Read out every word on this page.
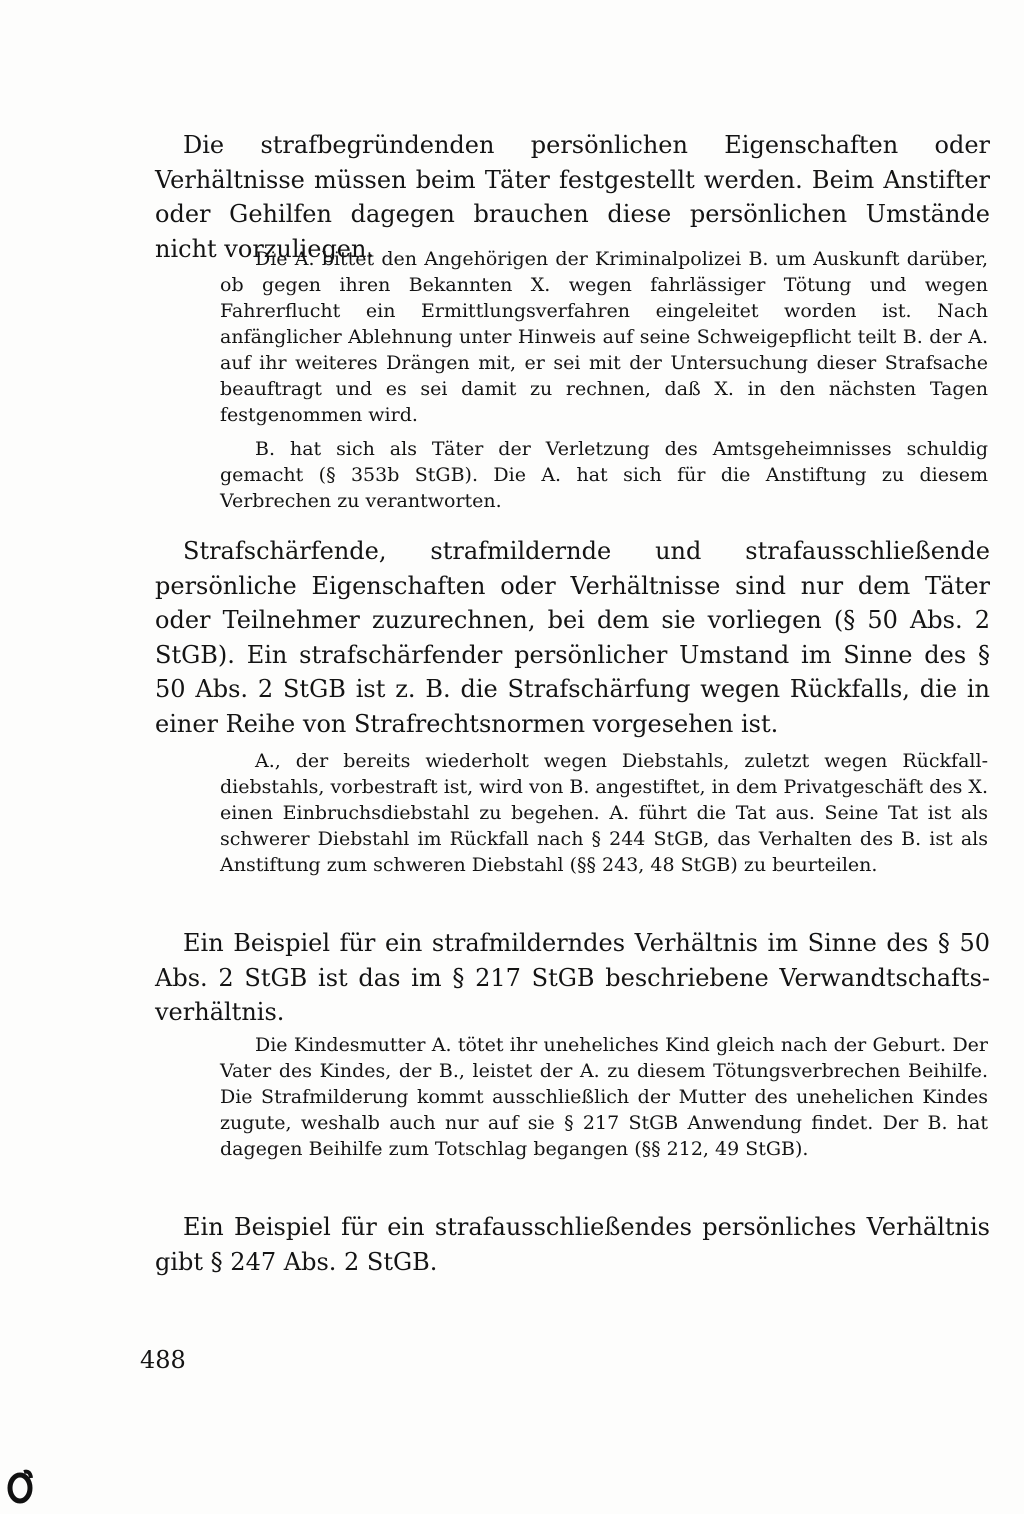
Die strafbegründenden persönlichen Eigenschaften oder Verhältnisse müssen beim Täter festgestellt werden. Beim Anstifter oder Gehilfen dagegen brauchen diese persönlichen Umstände nicht vorzuliegen.

Die A. bittet den Angehörigen der Kriminalpolizei B. um Auskunft darüber, ob gegen ihren Bekannten X. wegen fahrlässiger Tötung und wegen Fahrerflucht ein Ermittlungsverfahren eingeleitet worden ist. Nach anfänglicher Ablehnung unter Hinweis auf seine Schweigepflicht teilt B. der A. auf ihr weiteres Drängen mit, er sei mit der Untersuchung dieser Strafsache beauftragt und es sei damit zu rechnen, daß X. in den nächsten Tagen festgenommen wird.

B. hat sich als Täter der Verletzung des Amtsgeheimnisses schuldig gemacht (§ 353b StGB). Die A. hat sich für die Anstiftung zu diesem Verbrechen zu verantworten.

Strafschärfende, strafmildernde und strafausschließende persönliche Eigenschaften oder Verhältnisse sind nur dem Täter oder Teilnehmer zuzurechnen, bei dem sie vorliegen (§ 50 Abs. 2 StGB). Ein strafschärfender persönlicher Umstand im Sinne des § 50 Abs. 2 StGB ist z. B. die Strafschärfung wegen Rückfalls, die in einer Reihe von Strafrechtsnormen vorgesehen ist.

A., der bereits wiederholt wegen Diebstahls, zuletzt wegen Rückfalldiebstahls, vorbestraft ist, wird von B. angestiftet, in dem Privatgeschäft des X. einen Einbruchsdiebstahl zu begehen. A. führt die Tat aus. Seine Tat ist als schwerer Diebstahl im Rückfall nach § 244 StGB, das Verhalten des B. ist als Anstiftung zum schweren Diebstahl (§§ 243, 48 StGB) zu beurteilen.

Ein Beispiel für ein strafmilderndes Verhältnis im Sinne des § 50 Abs. 2 StGB ist das im § 217 StGB beschriebene Verwandtschaftsverhältnis.

Die Kindesmutter A. tötet ihr uneheliches Kind gleich nach der Geburt. Der Vater des Kindes, der B., leistet der A. zu diesem Tötungsverbrechen Beihilfe. Die Strafmilderung kommt ausschließlich der Mutter des unehelichen Kindes zugute, weshalb auch nur auf sie § 217 StGB Anwendung findet. Der B. hat dagegen Beihilfe zum Totschlag begangen (§§ 212, 49 StGB).

Ein Beispiel für ein strafausschließendes persönliches Verhältnis gibt § 247 Abs. 2 StGB.

488
